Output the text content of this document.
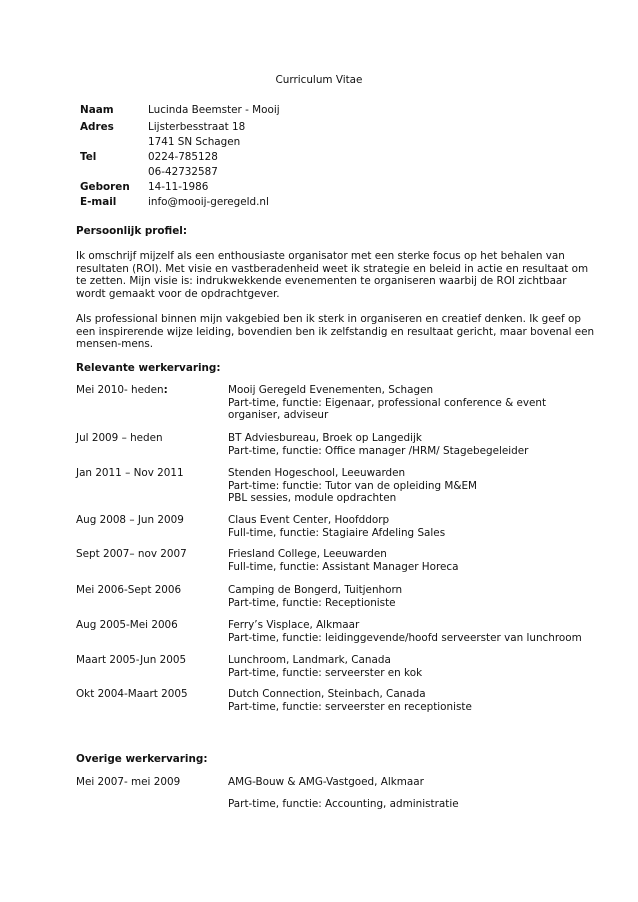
Curriculum Vitae
Naam	Lucinda Beemster - Mooij
Adres	Lijsterbesstraat 18
1741 SN Schagen
Tel	0224-785128
06-42732587
Geboren 14-11-1986
E-mail	info@mooij-geregeld.nl
Persoonlijk profiel:
Ik omschrijf mijzelf als een enthousiaste organisator met een sterke focus op het behalen van
resultaten (ROI). Met visie en vastberadenheid weet ik strategie en beleid in actie en resultaat om
te zetten. Mijn visie is: indrukwekkende evenementen te organiseren waarbij de ROI zichtbaar
wordt gemaakt voor de opdrachtgever.
Als professional binnen mijn vakgebied ben ik sterk in organiseren en creatief denken. Ik geef op
een inspirerende wijze leiding, bovendien ben ik zelfstandig en resultaat gericht, maar bovenal een
mensen-mens.
Relevante werkervaring:
Mei 2010- heden:	Mooij Geregeld Evenementen, Schagen
Part-time, functie: Eigenaar, professional conference & event
organiser, adviseur
Jul 2009 – heden	BT Adviesbureau, Broek op Langedijk
Part-time, functie: Office manager /HRM/ Stagebegeleider
Jan 2011 – Nov 2011	Stenden Hogeschool, Leeuwarden
Part-time: functie: Tutor van de opleiding M&EM
PBL sessies, module opdrachten
Aug 2008 – Jun 2009	Claus Event Center, Hoofddorp
Full-time, functie: Stagiaire Afdeling Sales
Sept 2007– nov 2007	Friesland College, Leeuwarden
Full-time, functie: Assistant Manager Horeca
Mei 2006-Sept 2006	Camping de Bongerd, Tuitjenhorn
Part-time, functie: Receptioniste
Aug 2005-Mei 2006	Ferry’s Visplace, Alkmaar
Part-time, functie: leidinggevende/hoofd serveerster van lunchroom
Maart 2005-Jun 2005	Lunchroom, Landmark, Canada
Part-time, functie: serveerster en kok
Okt 2004-Maart 2005	Dutch Connection, Steinbach, Canada
Part-time, functie: serveerster en receptioniste
Overige werkervaring:
Mei 2007- mei 2009	AMG-Bouw & AMG-Vastgoed, Alkmaar
Part-time, functie: Accounting, administratie
